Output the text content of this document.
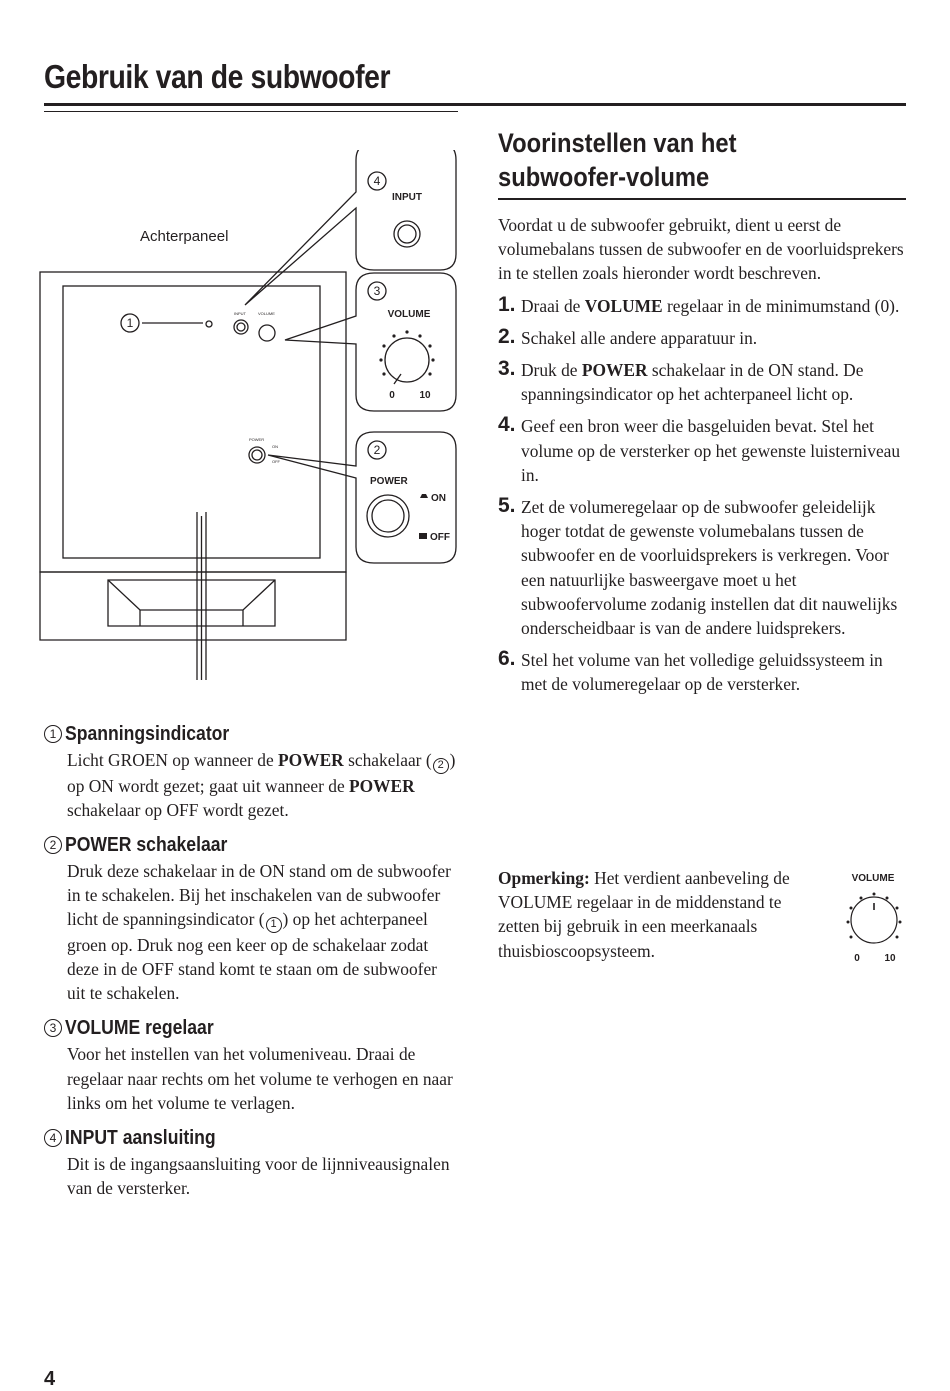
Gebruik van de subwoofer
Achterpaneel
1
4
3
2
INPUT
VOLUME
0 10
POWER
ON
OFF
INPUT	VOLUME
POWER
ON
OFF
1 Spanningsindicator

Licht GROEN op wanneer de POWER schakelaar ( 2 ) op ON wordt gezet; gaat uit wanneer de POWER schakelaar op OFF wordt gezet.

2 POWER schakelaar

Druk deze schakelaar in de ON stand om de subwoofer in te schakelen. Bij het inschakelen van de subwoofer licht de spanningsindicator ( 1 ) op het achterpaneel groen op. Druk nog een keer op de schakelaar zodat deze in de OFF stand komt te staan om de subwoofer uit te schakelen.

3 VOLUME regelaar

Voor het instellen van het volumeniveau. Draai de regelaar naar rechts om het volume te verhogen en naar links om het volume te verlagen.

4 INPUT aansluiting

Dit is de ingangsaansluiting voor de lijnniveausignalen van de versterker.

Voorinstellen van het subwoofer-volume

Voordat u de subwoofer gebruikt, dient u eerst de volumebalans tussen de subwoofer en de voorluidsprekers in te stellen zoals hieronder wordt beschreven.

1. Draai de VOLUME regelaar in de minimumstand (0).
2. Schakel alle andere apparatuur in.
3. Druk de POWER schakelaar in de ON stand. De spanningsindicator op het achterpaneel licht op.
4. Geef een bron weer die basgeluiden bevat. Stel het volume op de versterker op het gewenste luisterniveau in.
5. Zet de volumeregelaar op de subwoofer geleidelijk hoger totdat de gewenste volumebalans tussen de subwoofer en de voorluidsprekers is verkregen. Voor een natuurlijke basweergave moet u het subwoofervolume zodanig instellen dat dit nauwelijks onderscheidbaar is van de andere luidsprekers.
6. Stel het volume van het volledige geluidssysteem in met de volumeregelaar op de versterker.

Opmerking: Het verdient aanbeveling de VOLUME regelaar in de middenstand te zetten bij gebruik in een meerkanaals thuisbioscoopsysteem.

VOLUME
0 10
4
